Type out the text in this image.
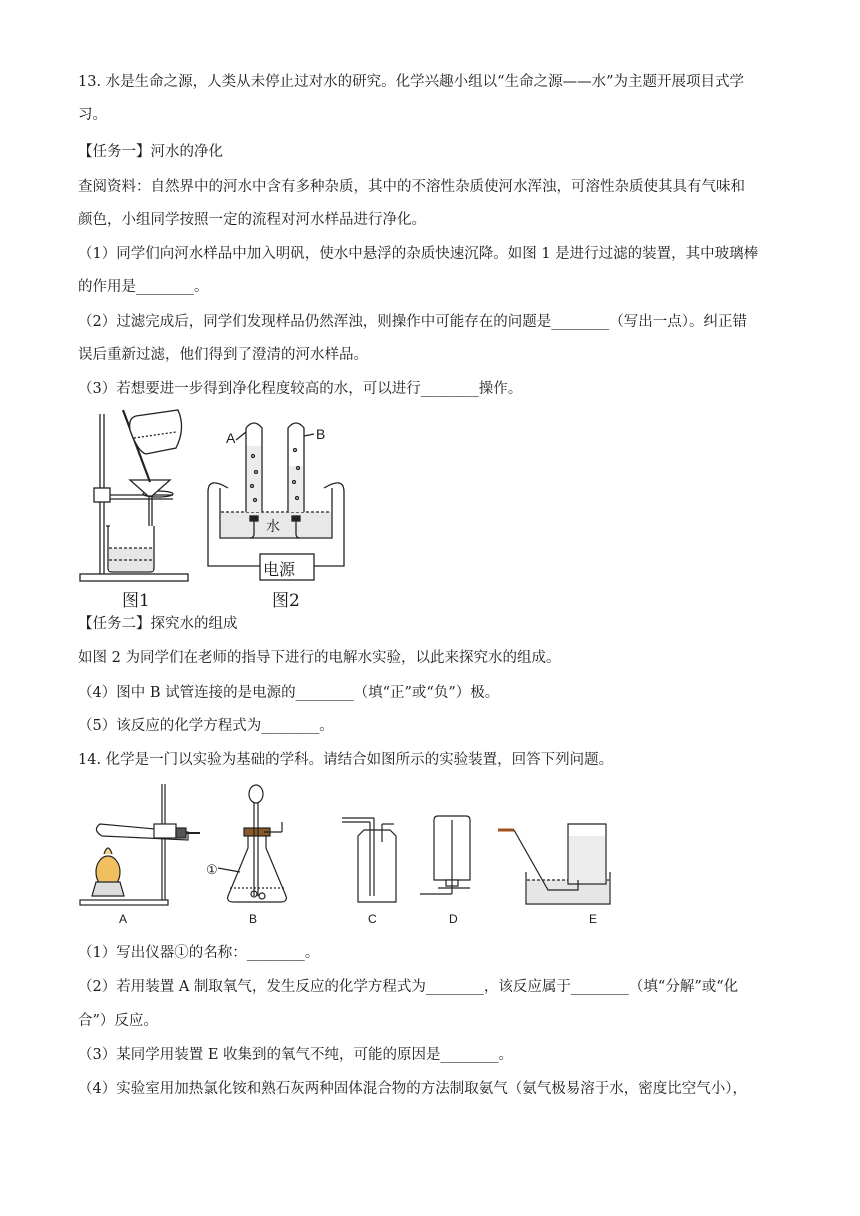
13. 水是生命之源，人类从未停止过对水的研究。化学兴趣小组以“生命之源——水”为主题开展项目式学
习。
【任务一】河水的净化
查阅资料：自然界中的河水中含有多种杂质，其中的不溶性杂质使河水浑浊，可溶性杂质使其具有气味和
颜色，小组同学按照一定的流程对河水样品进行净化。
（1）同学们向河水样品中加入明矾，使水中悬浮的杂质快速沉降。如图 1 是进行过滤的装置，其中玻璃棒
的作用是________。
（2）过滤完成后，同学们发现样品仍然浑浊，则操作中可能存在的问题是________（写出一点）。纠正错
误后重新过滤，他们得到了澄清的河水样品。
（3）若想要进一步得到净化程度较高的水，可以进行________操作。
图1
A	B
水
电源
图2
【任务二】探究水的组成
如图 2 为同学们在老师的指导下进行的电解水实验，以此来探究水的组成。
（4）图中 B 试管连接的是电源的________（填“正”或“负”）极。
（5）该反应的化学方程式为________。
14. 化学是一门以实验为基础的学科。请结合如图所示的实验装置，回答下列问题。
A	B	C	D	E
①
（1）写出仪器①的名称：________。
（2）若用装置 A 制取氧气，发生反应的化学方程式为________，该反应属于________（填“分解”或“化
合”）反应。
（3）某同学用装置 E 收集到的氧气不纯，可能的原因是________。
（4）实验室用加热氯化铵和熟石灰两种固体混合物的方法制取氨气（氨气极易溶于水，密度比空气小），
